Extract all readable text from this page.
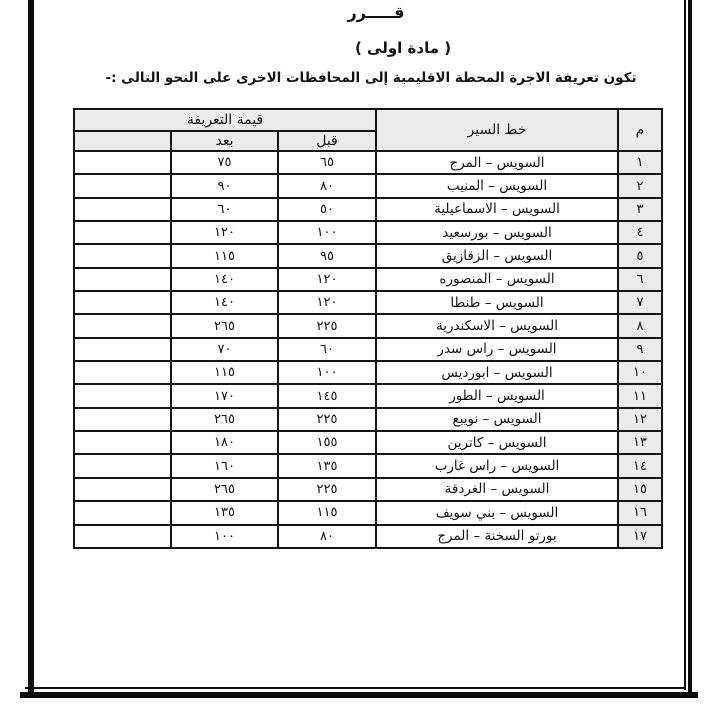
قـــــرر
( مادة اولى )
تكون تعريفة الاجرة المحطة الاقليمية إلى المحافظات الاخرى على النحو التالى :-
م	خط السير	قيمة التعريفة		
		قبل	بعد	
١	السويس – المرج	٦٥	٧٥	
٢	السويس – المنيب	٨٠	٩٠	
٣	السويس – الاسماعيلية	٥٠	٦٠	
٤	السويس – بورسعيد	١٠٠	١٢٠	
٥	السويس – الزقازيق	٩٥	١١٥	
٦	السويس – المنصوره	١٢٠	١٤٠	
٧	السويس – طنطا	١٢٠	١٤٠	
٨	السويس – الاسكندرية	٢٢٥	٢٦٥	
٩	السويس – راس سدر	٦٠	٧٠	
١٠	السويس – ابورديس	١٠٠	١١٥	
١١	السويس – الطور	١٤٥	١٧٠	
١٢	السويس – نويبع	٢٢٥	٢٦٥	
١٣	السويس – كاترين	١٥٥	١٨٠	
١٤	السويس – راس غارب	١٣٥	١٦٠	
١٥	السويس – الغردقة	٢٢٥	٢٦٥	
١٦	السويس – بني سويف	١١٥	١٣٥	
١٧	بورتو السخنة – المرج	٨٠	١٠٠	
